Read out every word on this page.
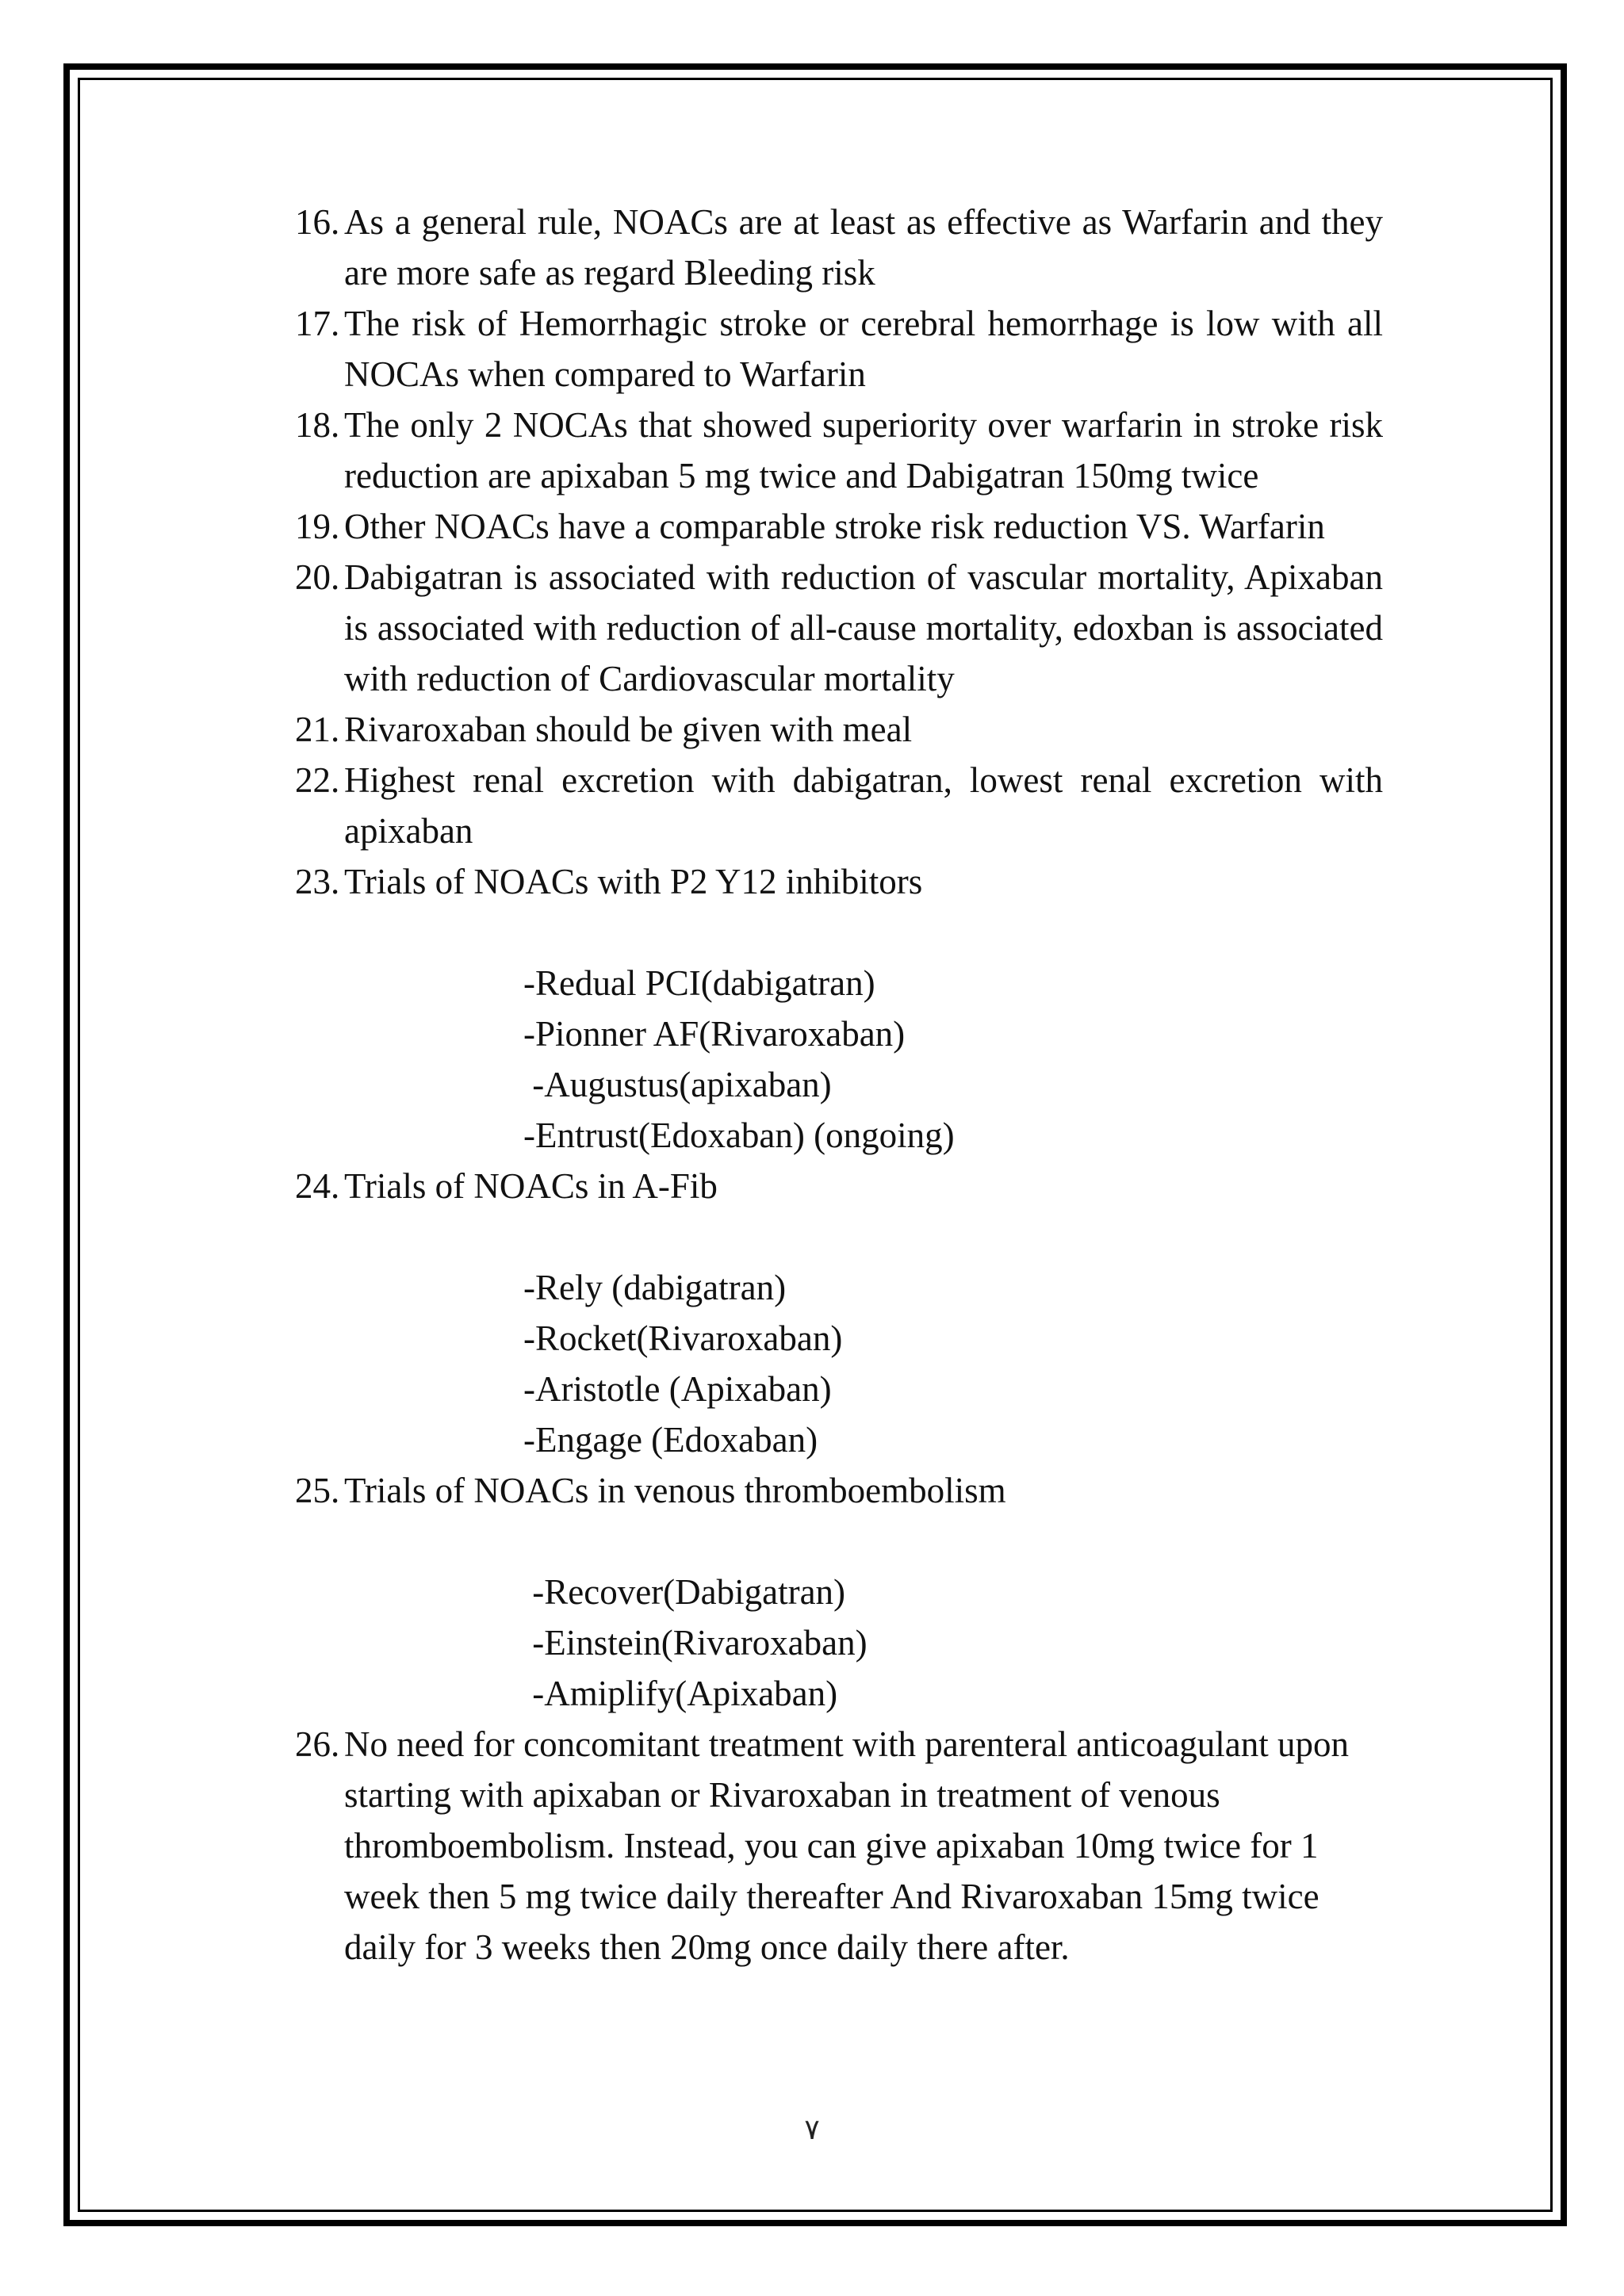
16. As a general rule, NOACs are at least as effective as Warfarin and they are more safe as regard Bleeding risk
17. The risk of Hemorrhagic stroke or cerebral hemorrhage is low with all NOCAs when compared to Warfarin
18. The only 2 NOCAs that showed superiority over warfarin in stroke risk reduction are apixaban 5 mg twice and Dabigatran 150mg twice
19. Other NOACs have a comparable stroke risk reduction VS. Warfarin
20. Dabigatran is associated with reduction of vascular mortality, Apixaban is associated with reduction of all-cause mortality, edoxban is associated with reduction of Cardiovascular mortality
21. Rivaroxaban should be given with meal
22. Highest renal excretion with dabigatran, lowest renal excretion with apixaban
23. Trials of NOACs with P2 Y12 inhibitors
-Redual PCI(dabigatran)
-Pionner AF(Rivaroxaban)
-Augustus(apixaban)
-Entrust(Edoxaban) (ongoing)
24. Trials of NOACs in A-Fib
-Rely (dabigatran)
-Rocket(Rivaroxaban)
-Aristotle (Apixaban)
-Engage (Edoxaban)
25. Trials of NOACs in venous thromboembolism
-Recover(Dabigatran)
-Einstein(Rivaroxaban)
-Amiplify(Apixaban)
26. No need for concomitant treatment with parenteral anticoagulant upon starting with apixaban or Rivaroxaban in treatment of venous thromboembolism. Instead, you can give apixaban 10mg twice for 1 week then 5 mg twice daily thereafter And Rivaroxaban 15mg twice daily for 3 weeks then 20mg once daily there after.
٧
